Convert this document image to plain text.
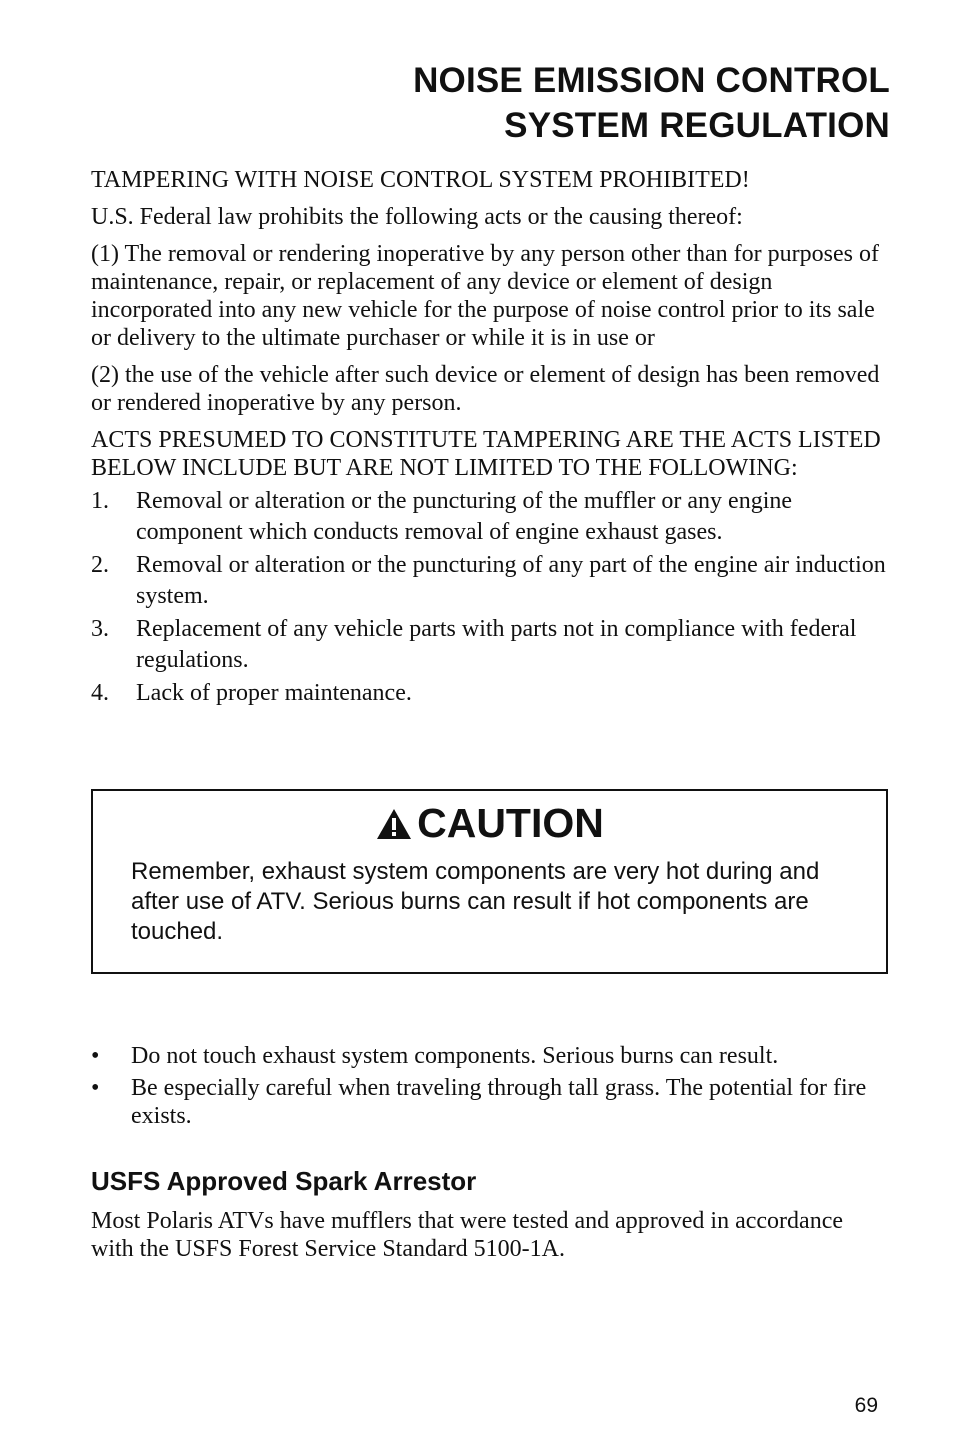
NOISE EMISSION CONTROL
SYSTEM REGULATION

TAMPERING WITH NOISE CONTROL SYSTEM PROHIBITED!

U.S. Federal law prohibits the following acts or the causing thereof:

(1) The removal or rendering inoperative by any person other than for purposes of maintenance, repair, or replacement of any device or element of design incorporated into any new vehicle for the purpose of noise control prior to its sale or delivery to the ultimate purchaser or while it is in use or

(2) the use of the vehicle after such device or element of design has been removed or rendered inoperative by any person.

ACTS PRESUMED TO CONSTITUTE TAMPERING ARE THE ACTS LISTED BELOW INCLUDE BUT ARE NOT LIMITED TO THE FOLLOWING:

1. Removal or alteration or the puncturing of the muffler or any engine component which conducts removal of engine exhaust gases.
2. Removal or alteration or the puncturing of any part of the engine air induction system.
3. Replacement of any vehicle parts with parts not in compliance with federal regulations.
4. Lack of proper maintenance.
CAUTION

Remember, exhaust system components are very hot during and after use of ATV. Serious burns can result if hot components are touched.

• Do not touch exhaust system components. Serious burns can result.
• Be especially careful when traveling through tall grass. The potential for fire exists.
USFS Approved Spark Arrestor

Most Polaris ATVs have mufflers that were tested and approved in accordance with the USFS Forest Service Standard 5100-1A.

69
